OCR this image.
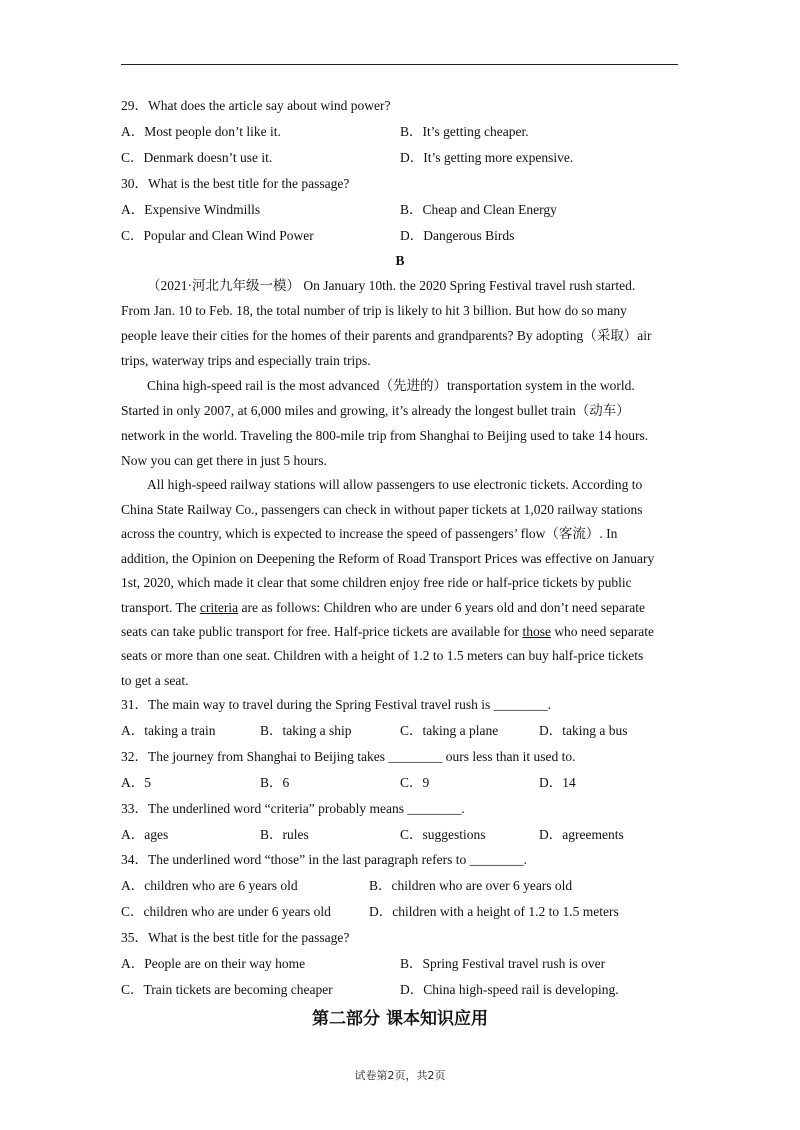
29．What does the article say about wind power?
A．Most people don’t like it.	B．It’s getting cheaper.
C．Denmark doesn’t use it.	D．It’s getting more expensive.
30．What is the best title for the passage?
A．Expensive Windmills	B．Cheap and Clean Energy
C．Popular and Clean Wind Power	D．Dangerous Birds
B
（2021·河北九年级一模） On January 10th. the 2020 Spring Festival travel rush started.
From Jan. 10 to Feb. 18, the total number of trip is likely to hit 3 billion. But how do so many
people leave their cities for the homes of their parents and grandparents? By adopting（采取）air
trips, waterway trips and especially train trips.
China high-speed rail is the most advanced（先进的）transportation system in the world.
Started in only 2007, at 6,000 miles and growing, it’s already the longest bullet train（动车）
network in the world. Traveling the 800-mile trip from Shanghai to Beijing used to take 14 hours.
Now you can get there in just 5 hours.
All high-speed railway stations will allow passengers to use electronic tickets. According to
China State Railway Co., passengers can check in without paper tickets at 1,020 railway stations
across the country, which is expected to increase the speed of passengers’ flow（客流）. In
addition, the Opinion on Deepening the Reform of Road Transport Prices was effective on January
1st, 2020, which made it clear that some children enjoy free ride or half-price tickets by public
transport. The criteria are as follows: Children who are under 6 years old and don’t need separate
seats can take public transport for free. Half-price tickets are available for those who need separate
seats or more than one seat. Children with a height of 1.2 to 1.5 meters can buy half-price tickets
to get a seat.
31．The main way to travel during the Spring Festival travel rush is ________.
A．taking a train	B．taking a ship	C．taking a plane	D．taking a bus
32．The journey from Shanghai to Beijing takes ________ ours less than it used to.
A．5	B．6	C．9	D．14
33．The underlined word “criteria” probably means ________.
A．ages	B．rules	C．suggestions	D．agreements
34．The underlined word “those” in the last paragraph refers to ________.
A．children who are 6 years old	B．children who are over 6 years old
C．children who are under 6 years old	D．children with a height of 1.2 to 1.5 meters
35．What is the best title for the passage?
A．People are on their way home	B．Spring Festival travel rush is over
C．Train tickets are becoming cheaper	D．China high-speed rail is developing.
第二部分 课本知识应用
试卷第2页，共2页
